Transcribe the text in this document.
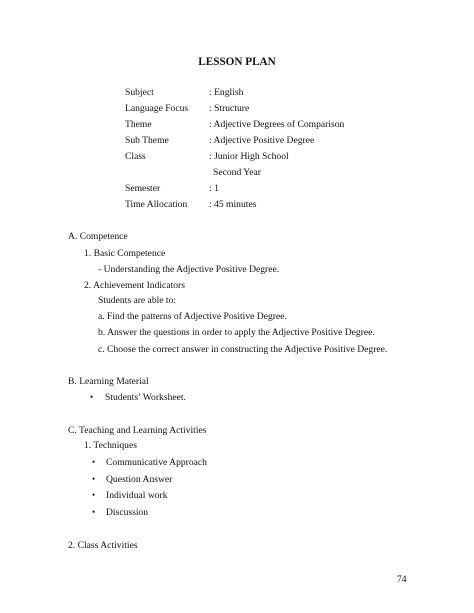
LESSON PLAN
Subject	: English
Language Focus : Structure
Theme	: Adjective Degrees of Comparison
Sub Theme	: Adjective Positive Degree
Class	: Junior High School
Second Year
Semester	: 1
Time Allocation : 45 minutes
A. Competence
1. Basic Competence
- Understanding the Adjective Positive Degree.
2. Achievement Indicators
Students are able to:
a. Find the patterns of Adjective Positive Degree.
b. Answer the questions in order to apply the Adjective Positive Degree.
c. Choose the correct answer in constructing the Adjective Positive Degree.
B. Learning Material
• Students’ Worksheet.
C. Teaching and Learning Activities
1. Techniques
• Communicative Approach
• Question Answer
• Individual work
• Discussion
2. Class Activities
74
